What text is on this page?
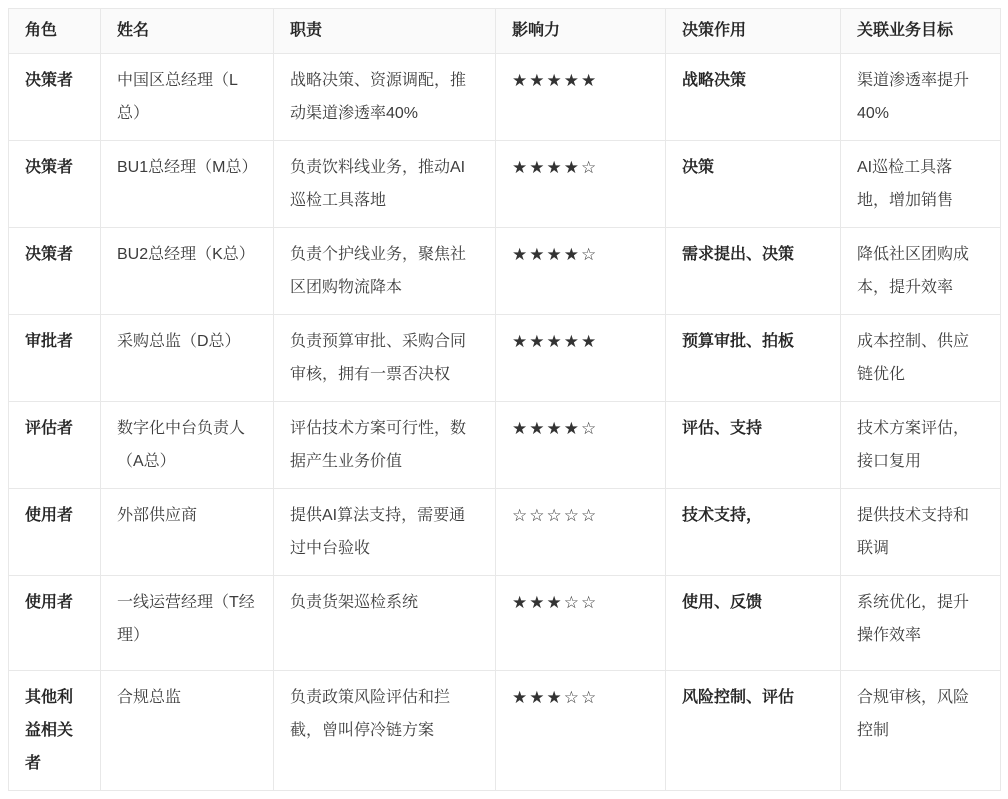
角色	姓名	职责	影响力	决策作用	关联业务目标
决策者	中国区总经理（L总）	战略决策、资源调配，推动渠道渗透率40%	★★★★★	战略决策	渠道渗透率提升40%
决策者	BU1总经理（M总）	负责饮料线业务，推动AI巡检工具落地	★★★★☆	决策	AI巡检工具落地，增加销售
决策者	BU2总经理（K总）	负责个护线业务，聚焦社区团购物流降本	★★★★☆	需求提出、决策	降低社区团购成本，提升效率
审批者	采购总监（D总）	负责预算审批、采购合同审核，拥有一票否决权	★★★★★	预算审批、拍板	成本控制、供应链优化
评估者	数字化中台负责人（A总）	评估技术方案可行性，数据产生业务价值	★★★★☆	评估、支持	技术方案评估，接口复用
使用者	外部供应商	提供AI算法支持，需要通过中台验收	☆☆☆☆☆	技术支持，	提供技术支持和联调
使用者	一线运营经理（T经理）	负责货架巡检系统	★★★☆☆	使用、反馈	系统优化，提升操作效率
其他利益相关者	合规总监	负责政策风险评估和拦截，曾叫停冷链方案	★★★☆☆	风险控制、评估	合规审核，风险控制
